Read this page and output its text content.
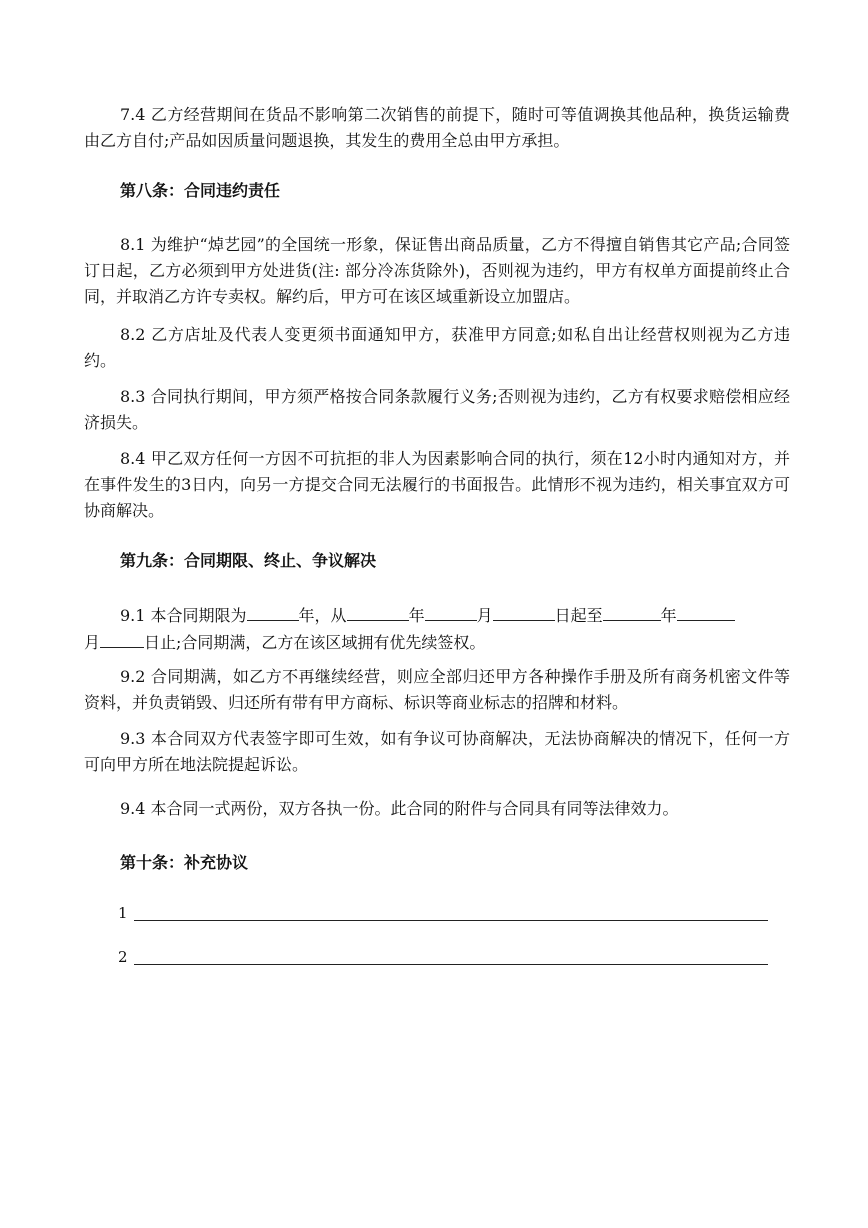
7.4 乙方经营期间在货品不影响第二次销售的前提下，随时可等值调换其他品种，换货运输费由乙方自付;产品如因质量问题退换，其发生的费用全总由甲方承担。

第八条：合同违约责任

8.1 为维护“焯艺园”的全国统一形象，保证售出商品质量，乙方不得擅自销售其它产品;合同签订日起，乙方必须到甲方处进货(注: 部分冷冻货除外)，否则视为违约，甲方有权单方面提前终止合同，并取消乙方许专卖权。解约后，甲方可在该区域重新设立加盟店。

8.2 乙方店址及代表人变更须书面通知甲方，获准甲方同意;如私自出让经营权则视为乙方违约。

8.3 合同执行期间，甲方须严格按合同条款履行义务;否则视为违约，乙方有权要求赔偿相应经济损失。

8.4 甲乙双方任何一方因不可抗拒的非人为因素影响合同的执行，须在12小时内通知对方，并在事件发生的3日内，向另一方提交合同无法履行的书面报告。此情形不视为违约，相关事宜双方可协商解决。

第九条：合同期限、终止、争议解决

9.1 本合同期限为	年，从	年	月	日起至	年
月	日止;合同期满，乙方在该区域拥有优先续签权。

9.2 合同期满，如乙方不再继续经营，则应全部归还甲方各种操作手册及所有商务机密文件等资料，并负责销毁、归还所有带有甲方商标、标识等商业标志的招牌和材料。

9.3 本合同双方代表签字即可生效，如有争议可协商解决，无法协商解决的情况下，任何一方可向甲方所在地法院提起诉讼。

9.4 本合同一式两份，双方各执一份。此合同的附件与合同具有同等法律效力。

第十条：补充协议

1
2
